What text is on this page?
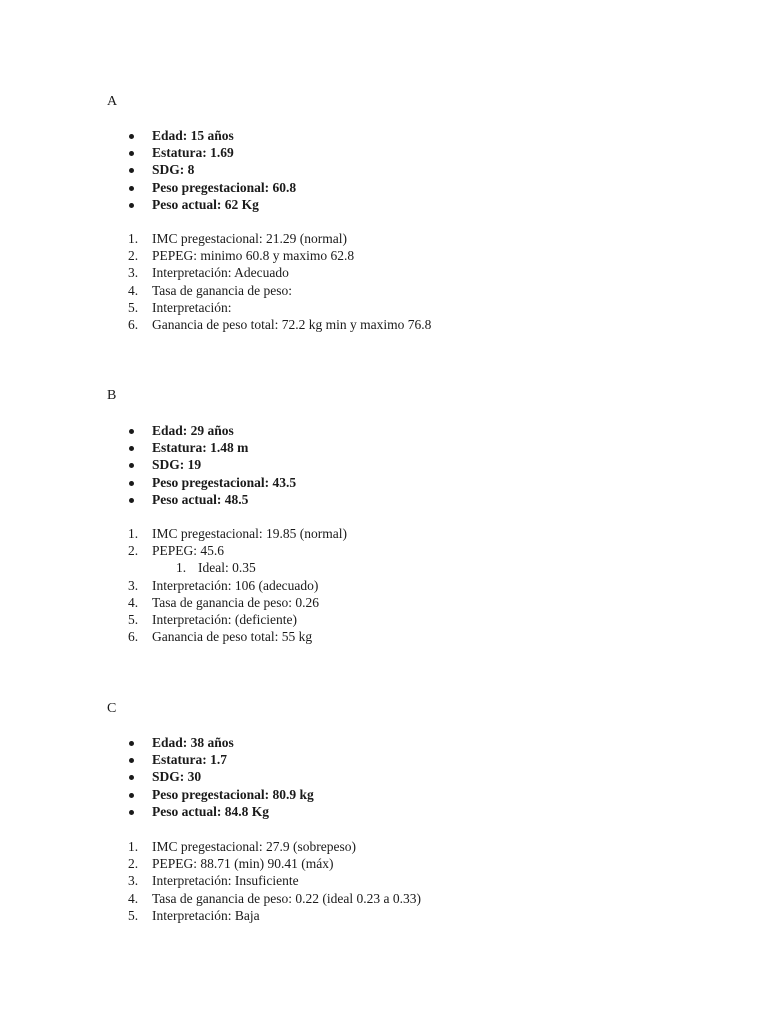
A
Edad: 15 años
Estatura: 1.69
SDG: 8
Peso pregestacional: 60.8
Peso actual: 62 Kg
1. IMC pregestacional: 21.29 (normal)
2. PEPEG: minimo 60.8 y maximo 62.8
3. Interpretación: Adecuado
4. Tasa de ganancia de peso:
5. Interpretación:
6. Ganancia de peso total: 72.2 kg min y maximo 76.8
B
Edad: 29 años
Estatura: 1.48 m
SDG: 19
Peso pregestacional: 43.5
Peso actual: 48.5
1. IMC pregestacional: 19.85 (normal)
2. PEPEG: 45.6
1. Ideal: 0.35
3. Interpretación: 106 (adecuado)
4. Tasa de ganancia de peso: 0.26
5. Interpretación: (deficiente)
6. Ganancia de peso total: 55 kg
C
Edad: 38 años
Estatura: 1.7
SDG: 30
Peso pregestacional: 80.9 kg
Peso actual: 84.8 Kg
1. IMC pregestacional: 27.9 (sobrepeso)
2. PEPEG: 88.71 (min) 90.41 (máx)
3. Interpretación: Insuficiente
4. Tasa de ganancia de peso: 0.22 (ideal 0.23 a 0.33)
5. Interpretación: Baja
